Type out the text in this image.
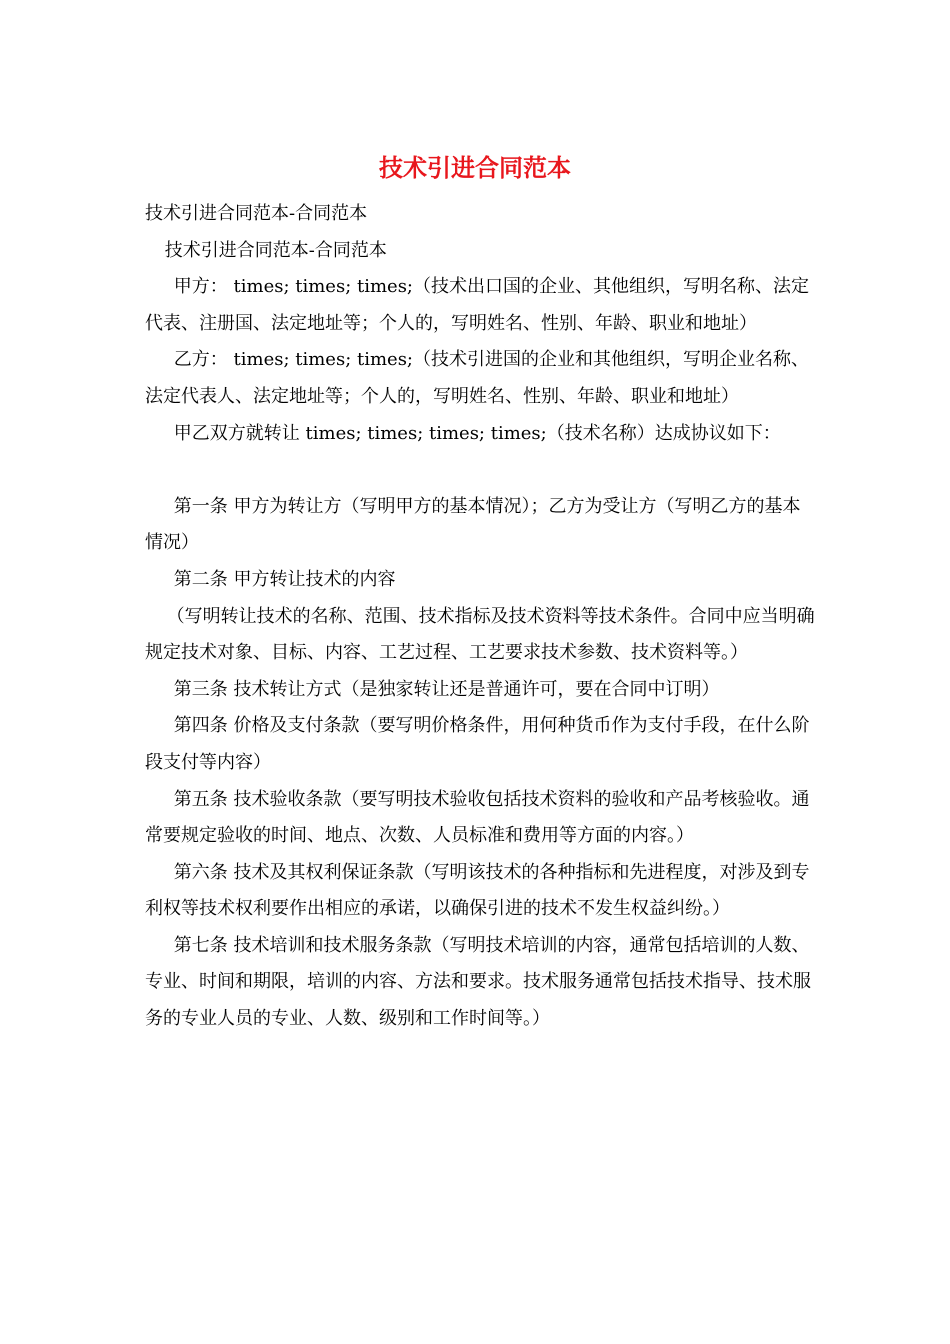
技术引进合同范本

技术引进合同范本-合同范本

技术引进合同范本-合同范本

甲方： times; times; times;（技术出口国的企业、其他组织，写明名称、法定代表、注册国、法定地址等；个人的，写明姓名、性别、年龄、职业和地址）

乙方： times; times; times;（技术引进国的企业和其他组织，写明企业名称、法定代表人、法定地址等；个人的，写明姓名、性别、年龄、职业和地址）

甲乙双方就转让 times; times; times; times;（技术名称）达成协议如下：

第一条 甲方为转让方（写明甲方的基本情况）；乙方为受让方（写明乙方的基本情况）

第二条 甲方转让技术的内容

（写明转让技术的名称、范围、技术指标及技术资料等技术条件。合同中应当明确规定技术对象、目标、内容、工艺过程、工艺要求技术参数、技术资料等。）

第三条 技术转让方式（是独家转让还是普通许可，要在合同中订明）

第四条 价格及支付条款（要写明价格条件，用何种货币作为支付手段，在什么阶段支付等内容）

第五条 技术验收条款（要写明技术验收包括技术资料的验收和产品考核验收。通常要规定验收的时间、地点、次数、人员标准和费用等方面的内容。）

第六条 技术及其权利保证条款（写明该技术的各种指标和先进程度，对涉及到专利权等技术权利要作出相应的承诺，以确保引进的技术不发生权益纠纷。）

第七条 技术培训和技术服务条款（写明技术培训的内容，通常包括培训的人数、专业、时间和期限，培训的内容、方法和要求。技术服务通常包括技术指导、技术服务的专业人员的专业、人数、级别和工作时间等。）
